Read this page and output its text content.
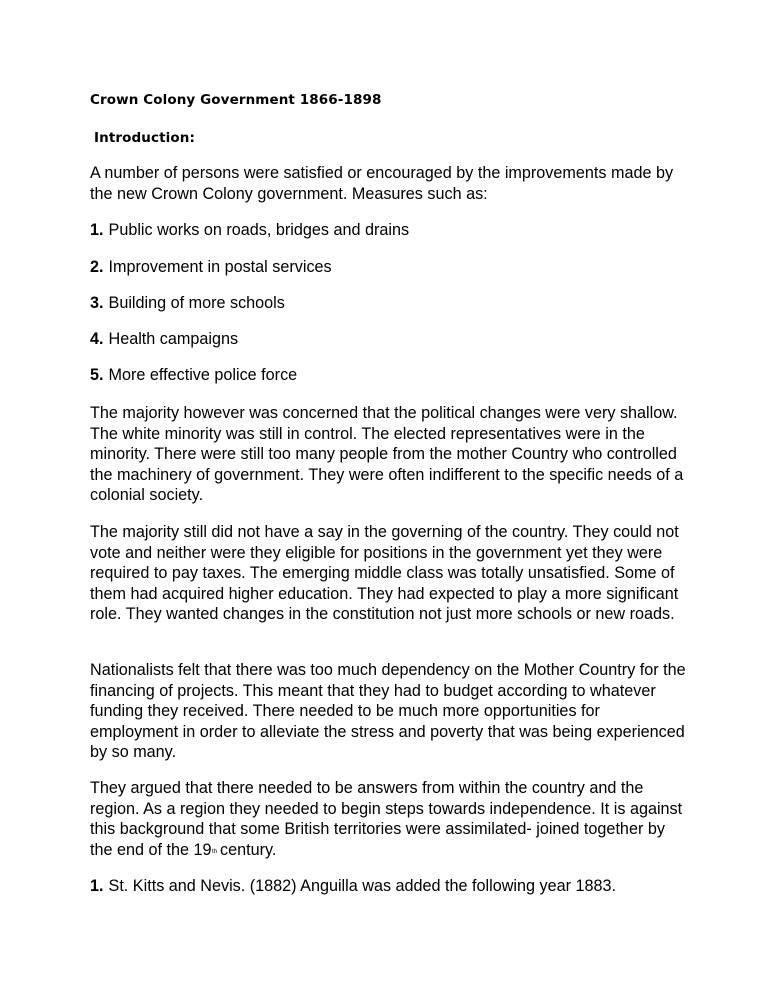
Crown Colony Government 1866-1898
Introduction:

A number of persons were satisfied or encouraged by the improvements made by the new Crown Colony government. Measures such as:

1. Public works on roads, bridges and drains
2. Improvement in postal services
3. Building of more schools
4. Health campaigns
5. More effective police force

The majority however was concerned that the political changes were very shallow. The white minority was still in control. The elected representatives were in the minority. There were still too many people from the mother Country who controlled the machinery of government. They were often indifferent to the specific needs of a colonial society.

The majority still did not have a say in the governing of the country. They could not vote and neither were they eligible for positions in the government yet they were required to pay taxes. The emerging middle class was totally unsatisfied. Some of them had acquired higher education. They had expected to play a more significant role. They wanted changes in the constitution not just more schools or new roads.

Nationalists felt that there was too much dependency on the Mother Country for the financing of projects. This meant that they had to budget according to whatever funding they received. There needed to be much more opportunities for employment in order to alleviate the stress and poverty that was being experienced by so many.

They argued that there needed to be answers from within the country and the region. As a region they needed to begin steps towards independence. It is against this background that some British territories were assimilated- joined together by the end of the 19th century.

1. St. Kitts and Nevis. (1882) Anguilla was added the following year 1883.
